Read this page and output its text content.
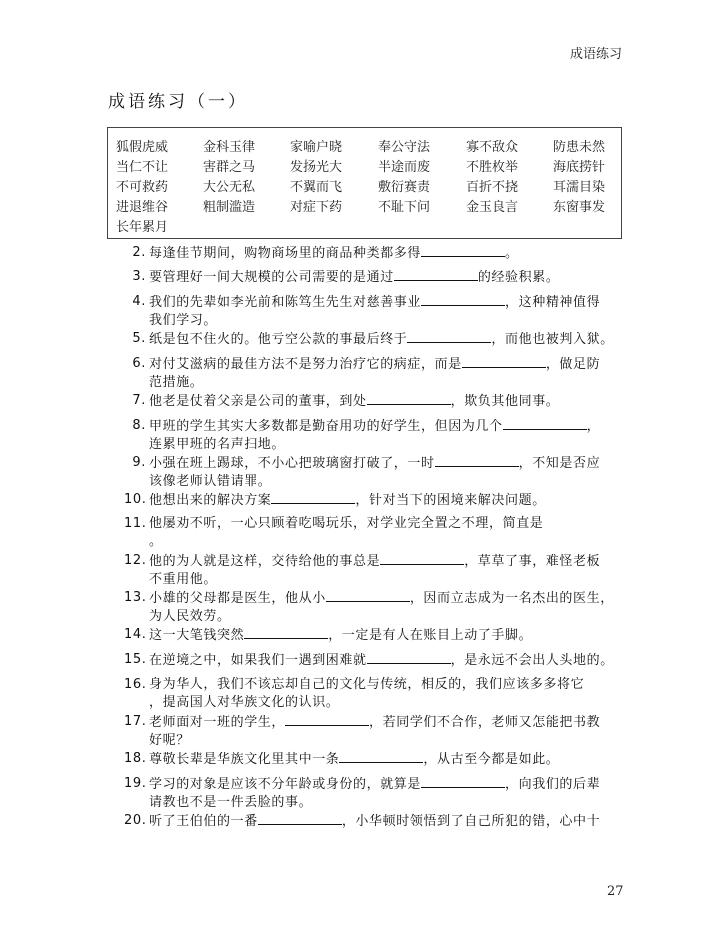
成语练习
成语练习（一）
狐假虎威	金科玉律	家喻户晓	奉公守法	寡不敌众	防患未然
当仁不让	害群之马	发扬光大	半途而废	不胜枚举	海底捞针
不可救药	大公无私	不翼而飞	敷衍赛责	百折不挠	耳濡目染
进退维谷	粗制滥造	对症下药	不耻下问	金玉良言	东窗事发
长年累月
2. 每逢佳节期间，购物商场里的商品种类都多得	。
3. 要管理好一间大规模的公司需要的是通过	的经验积累。
4. 我们的先辈如李光前和陈笃生先生对慈善事业	，这种精神值得
我们学习。
5. 纸是包不住火的。他亏空公款的事最后终于	，而他也被判入狱。
6. 对付艾滋病的最佳方法不是努力治疗它的病症，而是	，做足防
范措施。
7. 他老是仗着父亲是公司的董事，到处	，欺负其他同事。
8. 甲班的学生其实大多数都是勤奋用功的好学生，但因为几个	，
连累甲班的名声扫地。
9. 小强在班上踢球，不小心把玻璃窗打破了，一时	，不知是否应
该像老师认错请罪。
10. 他想出来的解决方案	，针对当下的困境来解决问题。
11. 他屡劝不听，一心只顾着吃喝玩乐，对学业完全置之不理，简直是
。
12. 他的为人就是这样，交待给他的事总是	，草草了事，难怪老板
不重用他。
13. 小雄的父母都是医生，他从小	，因而立志成为一名杰出的医生，
为人民效劳。
14. 这一大笔钱突然	，一定是有人在账目上动了手脚。
15. 在逆境之中，如果我们一遇到困难就	，是永远不会出人头地的。
16. 身为华人，我们不该忘却自己的文化与传统，相反的，我们应该多多将它
，提高国人对华族文化的认识。
17. 老师面对一班的学生，	，若同学们不合作，老师又怎能把书教
好呢？
18. 尊敬长辈是华族文化里其中一条	，从古至今都是如此。
19. 学习的对象是应该不分年龄或身份的，就算是	，向我们的后辈
请教也不是一件丢脸的事。
20. 听了王伯伯的一番	，小华顿时领悟到了自己所犯的错，心中十
27
